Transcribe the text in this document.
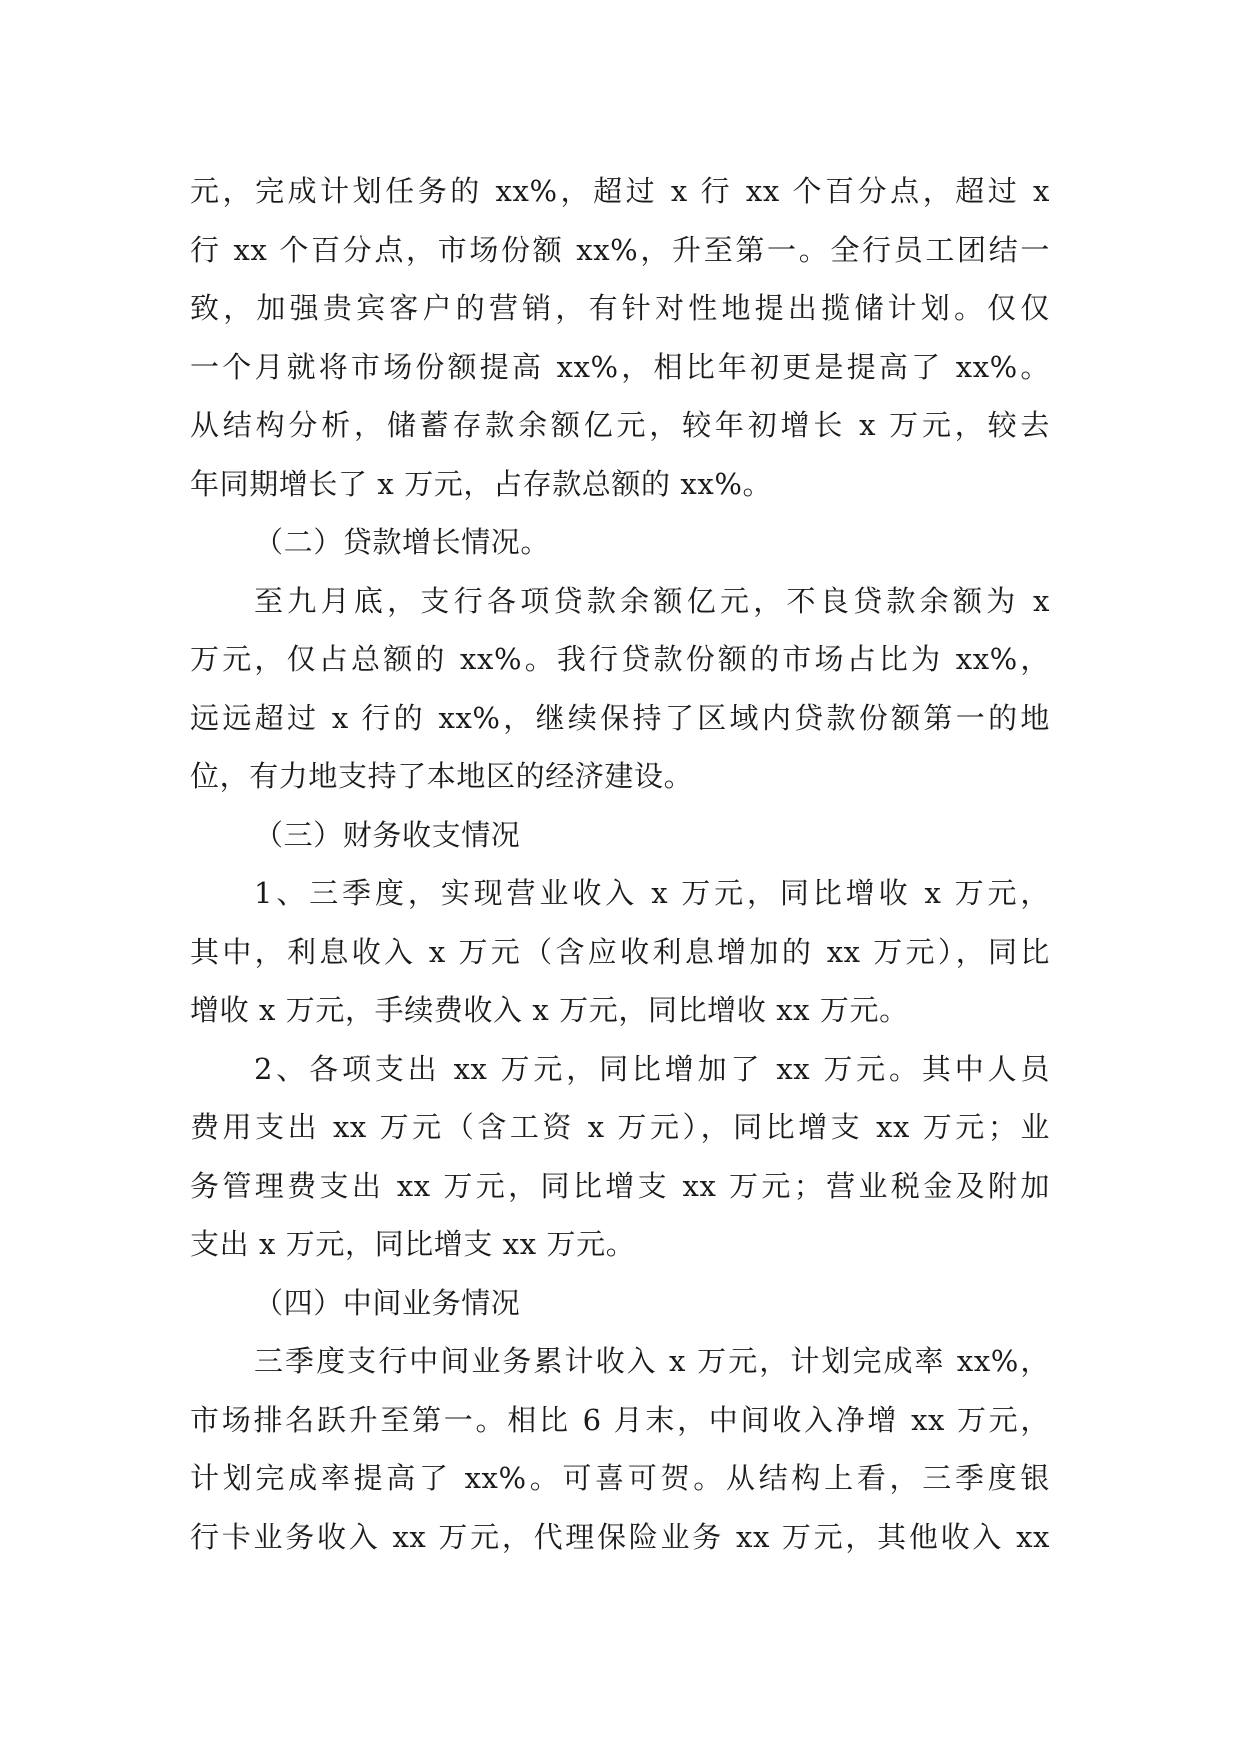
元，完成计划任务的 xx%，超过 x 行 xx 个百分点，超过 x
行 xx 个百分点，市场份额 xx%，升至第一。全行员工团结一
致，加强贵宾客户的营销，有针对性地提出揽储计划。仅仅
一个月就将市场份额提高 xx%，相比年初更是提高了 xx%。
从结构分析，储蓄存款余额亿元，较年初增长 x 万元，较去
年同期增长了 x 万元，占存款总额的 xx%。
（二）贷款增长情况。
至九月底，支行各项贷款余额亿元，不良贷款余额为 x
万元，仅占总额的 xx%。我行贷款份额的市场占比为 xx%，
远远超过 x 行的 xx%，继续保持了区域内贷款份额第一的地
位，有力地支持了本地区的经济建设。
（三）财务收支情况
1、三季度，实现营业收入 x 万元，同比增收 x 万元，
其中，利息收入 x 万元（含应收利息增加的 xx 万元），同比
增收 x 万元，手续费收入 x 万元，同比增收 xx 万元。
2、各项支出 xx 万元，同比增加了 xx 万元。其中人员
费用支出 xx 万元（含工资 x 万元），同比增支 xx 万元；业
务管理费支出 xx 万元，同比增支 xx 万元；营业税金及附加
支出 x 万元，同比增支 xx 万元。
（四）中间业务情况
三季度支行中间业务累计收入 x 万元，计划完成率 xx%，
市场排名跃升至第一。相比 6 月末，中间收入净增 xx 万元，
计划完成率提高了 xx%。可喜可贺。从结构上看，三季度银
行卡业务收入 xx 万元，代理保险业务 xx 万元，其他收入 xx
